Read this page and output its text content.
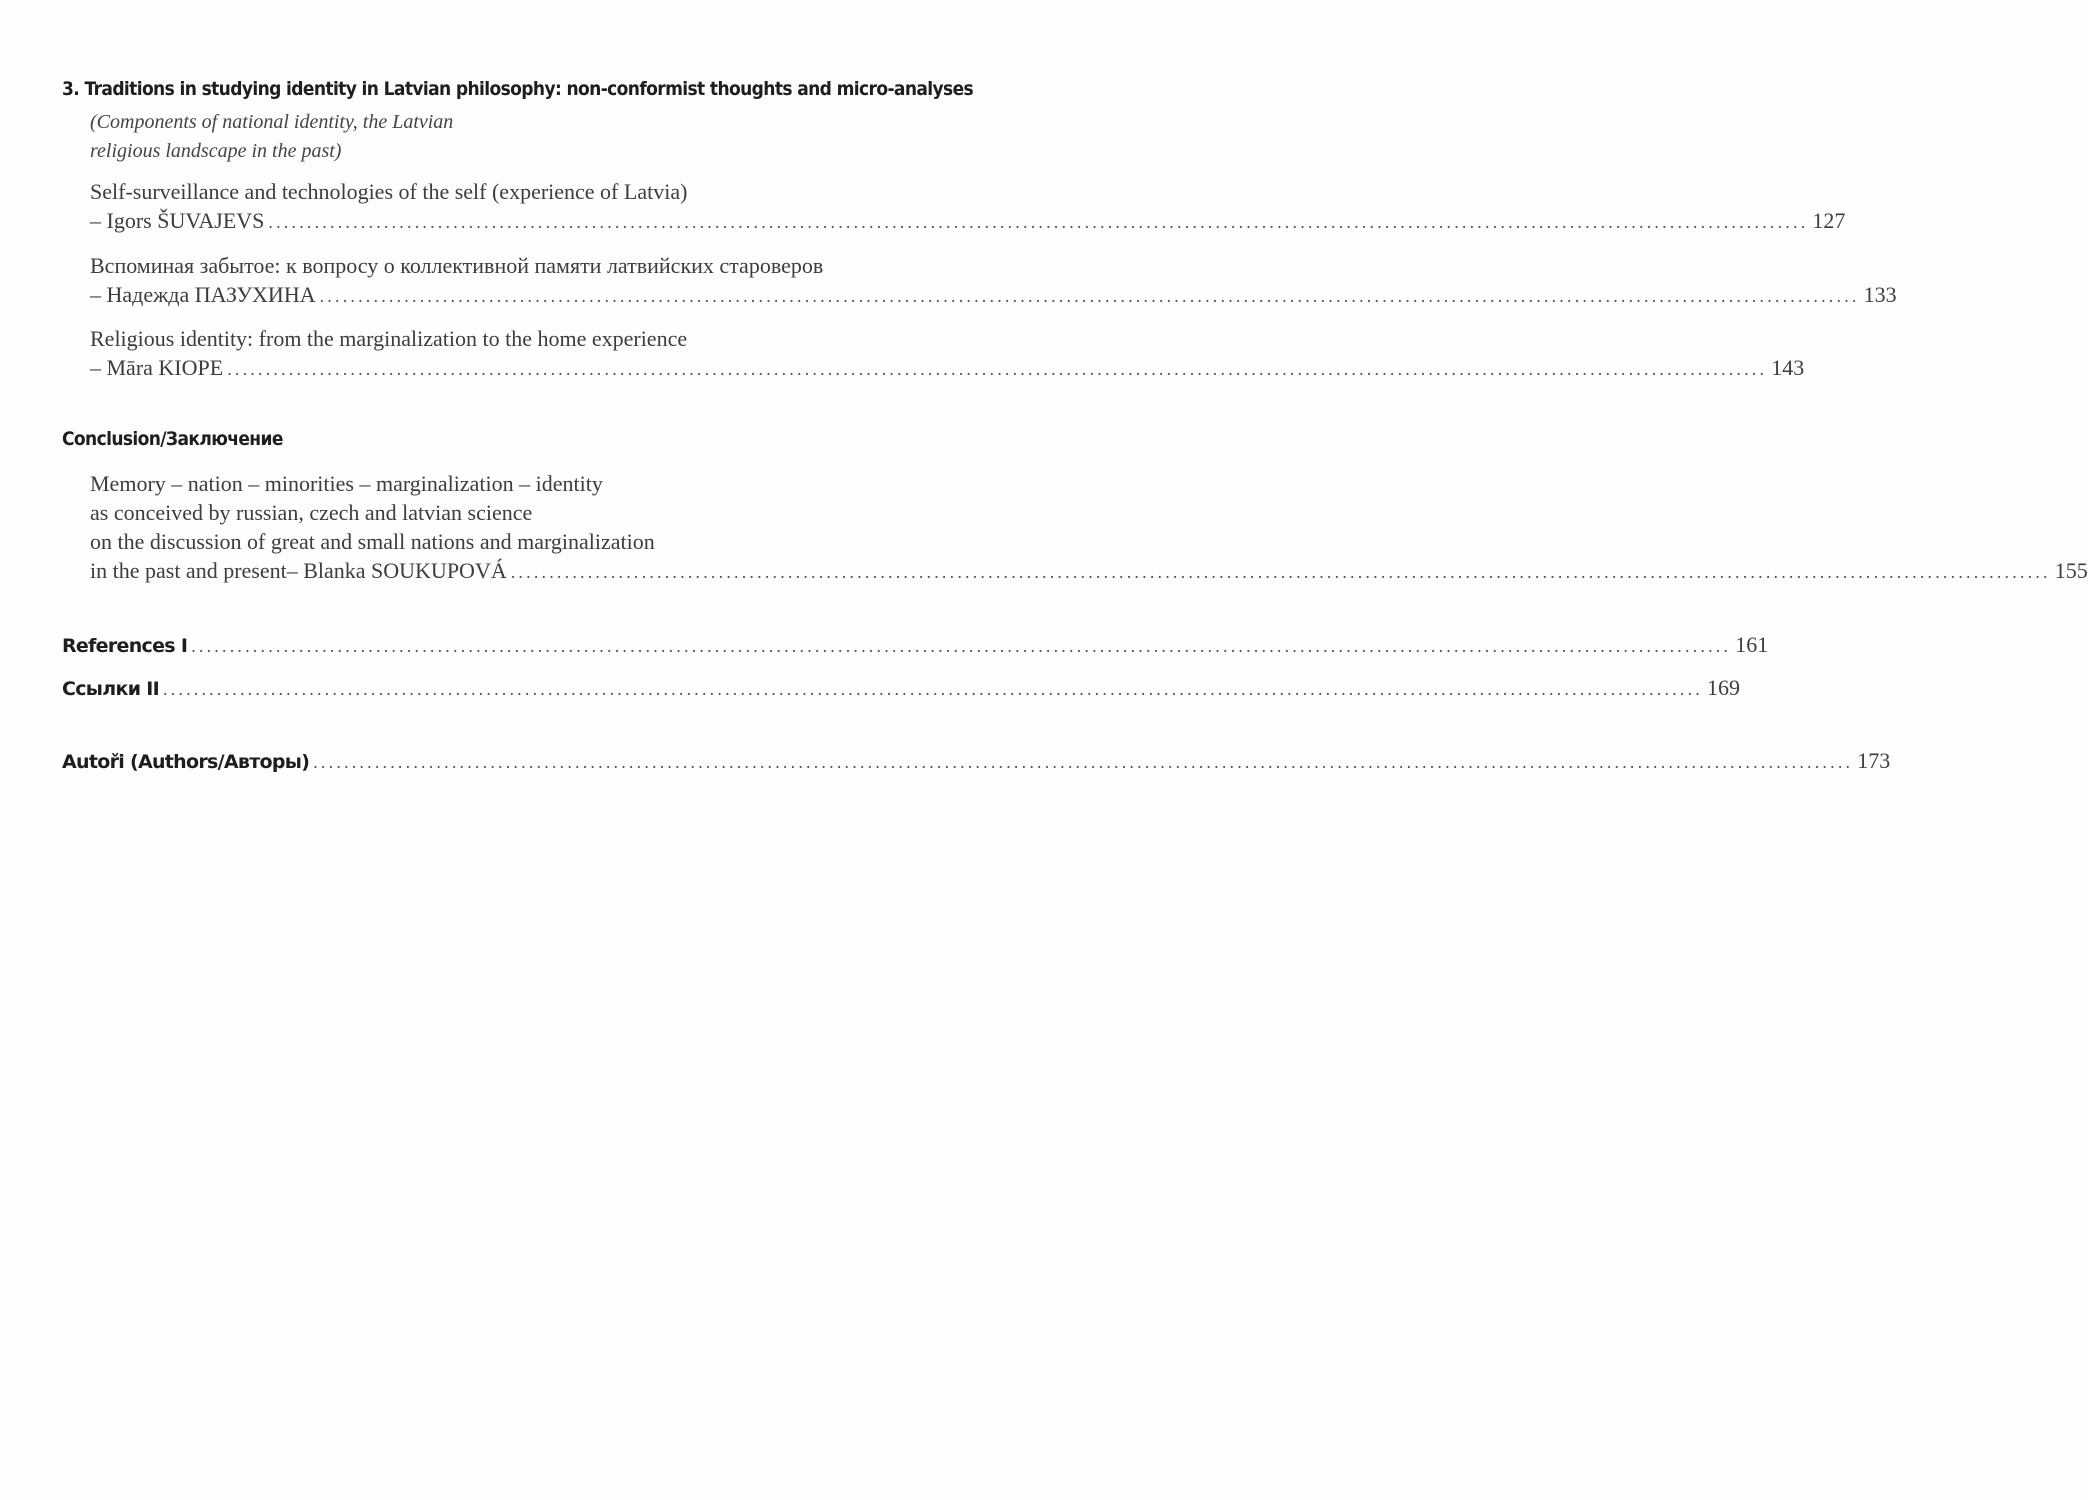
3. Traditions in studying identity in Latvian philosophy: non-conformist thoughts and micro-analyses
(Components of national identity, the Latvian
religious landscape in the past)
Self-surveillance and technologies of the self (experience of Latvia)
– Igors ŠUVAJEVS ........................................................................................................................................................................................................ 127
Вспоминая забытое: к вопросу о коллективной памяти латвийских староверов
– Надежда ПАЗУХИНА ........................................................................................................................................................................................................ 133
Religious identity: from the marginalization to the home experience
– Māra KIOPE ........................................................................................................................................................................................................ 143
Conclusion/Заключение
Memory – nation – minorities – marginalization – identity
as conceived by russian, czech and latvian science
on the discussion of great and small nations and marginalization
in the past and present– Blanka SOUKUPOVÁ ........................................................................................................................................................................................................ 155
References I ........................................................................................................................................................................................................ 161
Ссылки II ........................................................................................................................................................................................................ 169
Autoři (Authors/Авторы) ........................................................................................................................................................................................................ 173
